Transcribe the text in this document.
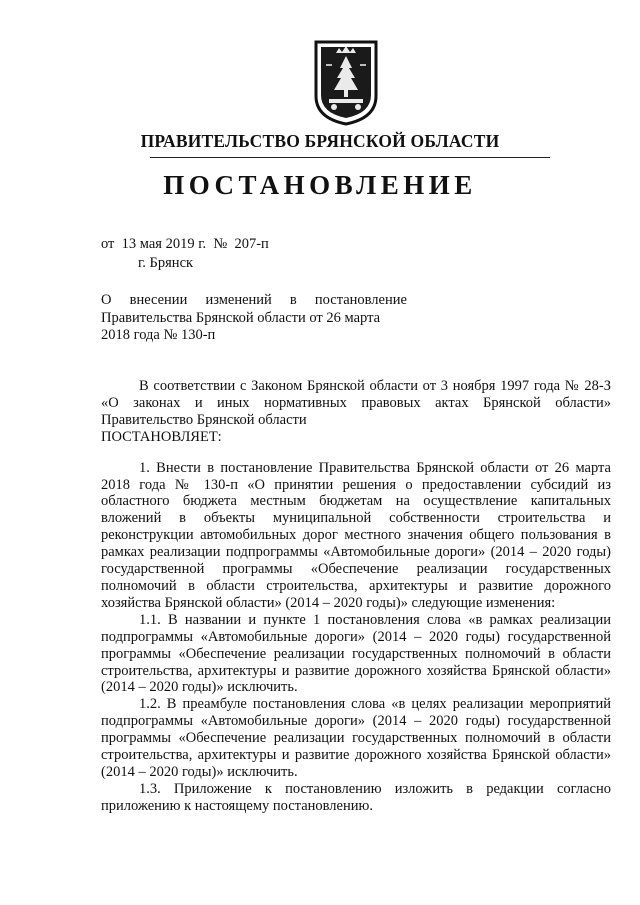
ПРАВИТЕЛЬСТВО БРЯНСКОЙ ОБЛАСТИ
ПОСТАНОВЛЕНИЕ
от  13 мая 2019 г.  №  207-п
г. Брянск
О внесении изменений в постановление
Правительства Брянской области от 26 марта
2018 года № 130-п

В соответствии с Законом Брянской области от 3 ноября 1997 года № 28-З «О законах и иных нормативных правовых актах Брянской области» Правительство Брянской области

ПОСТАНОВЛЯЕТ:

1. Внести в постановление Правительства Брянской области от 26 марта 2018 года № 130-п «О принятии решения о предоставлении субсидий из областного бюджета местным бюджетам на осуществление капитальных вложений в объекты муниципальной собственности строительства и реконструкции автомобильных дорог местного значения общего пользования в рамках реализации подпрограммы «Автомобильные дороги» (2014 – 2020 годы) государственной программы «Обеспечение реализации государственных полномочий в области строительства, архитектуры и развитие дорожного хозяйства Брянской области» (2014 – 2020 годы)» следующие изменения:

1.1. В названии и пункте 1 постановления слова «в рамках реализации подпрограммы «Автомобильные дороги» (2014 – 2020 годы) государственной программы «Обеспечение реализации государственных полномочий в области строительства, архитектуры и развитие дорожного хозяйства Брянской области» (2014 – 2020 годы)» исключить.

1.2. В преамбуле постановления слова «в целях реализации мероприятий подпрограммы «Автомобильные дороги» (2014 – 2020 годы) государственной программы «Обеспечение реализации государственных полномочий в области строительства, архитектуры и развитие дорожного хозяйства Брянской области» (2014 – 2020 годы)» исключить.

1.3. Приложение к постановлению изложить в редакции согласно приложению к настоящему постановлению.
